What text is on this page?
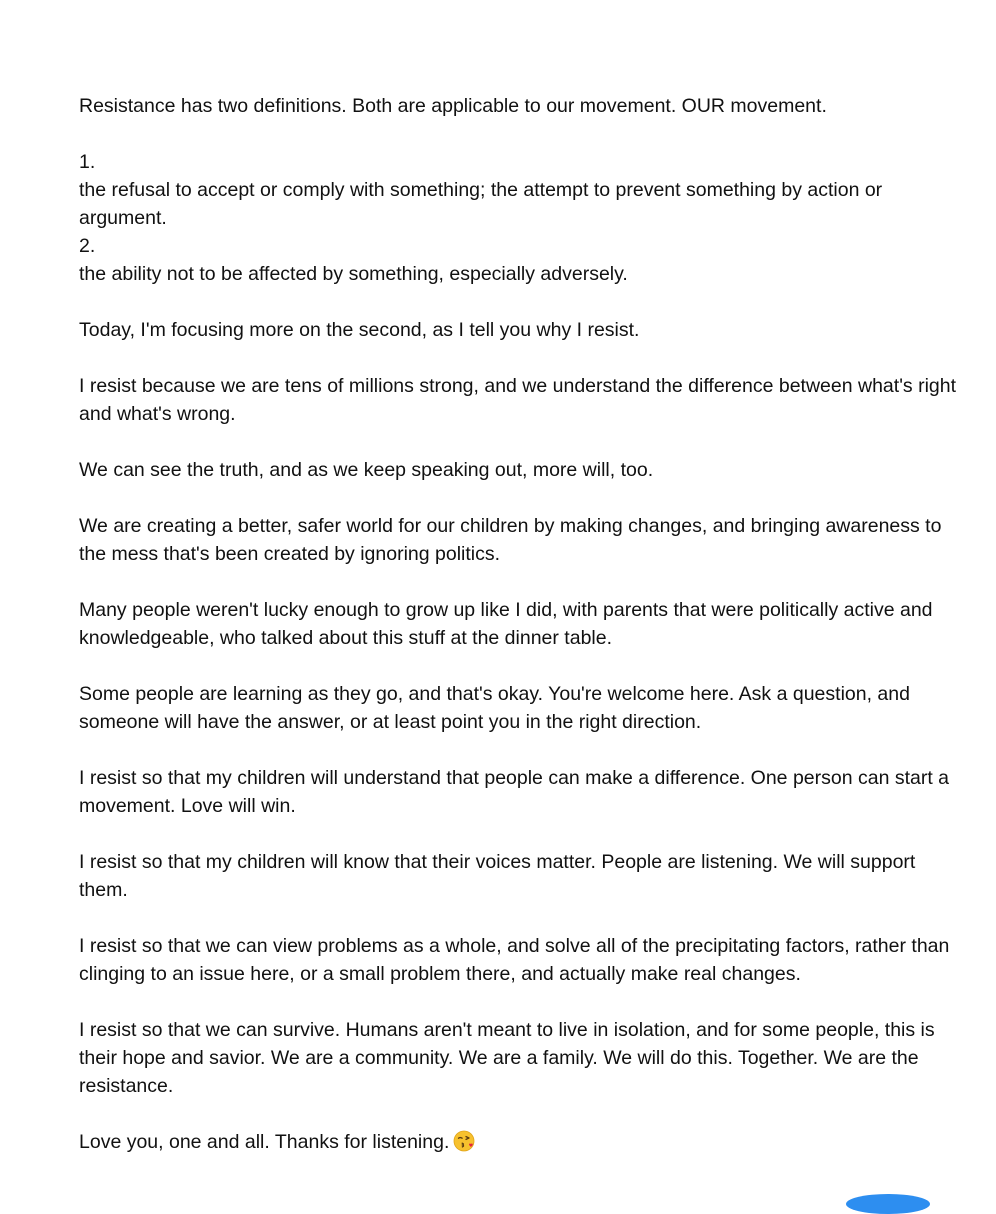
Resistance has two definitions. Both are applicable to our movement. OUR movement.

1.
the refusal to accept or comply with something; the attempt to prevent something by action or argument.
2.
the ability not to be affected by something, especially adversely.

Today, I'm focusing more on the second, as I tell you why I resist.

I resist because we are tens of millions strong, and we understand the difference between what's right and what's wrong.

We can see the truth, and as we keep speaking out, more will, too.

We are creating a better, safer world for our children by making changes, and bringing awareness to the mess that's been created by ignoring politics.

Many people weren't lucky enough to grow up like I did, with parents that were politically active and knowledgeable, who talked about this stuff at the dinner table.

Some people are learning as they go, and that's okay. You're welcome here. Ask a question, and someone will have the answer, or at least point you in the right direction.

I resist so that my children will understand that people can make a difference. One person can start a movement. Love will win.

I resist so that my children will know that their voices matter. People are listening. We will support them.

I resist so that we can view problems as a whole, and solve all of the precipitating factors, rather than clinging to an issue here, or a small problem there, and actually make real changes.

I resist so that we can survive. Humans aren't meant to live in isolation, and for some people, this is their hope and savior. We are a community. We are a family. We will do this. Together. We are the resistance.

Love you, one and all. Thanks for listening.
